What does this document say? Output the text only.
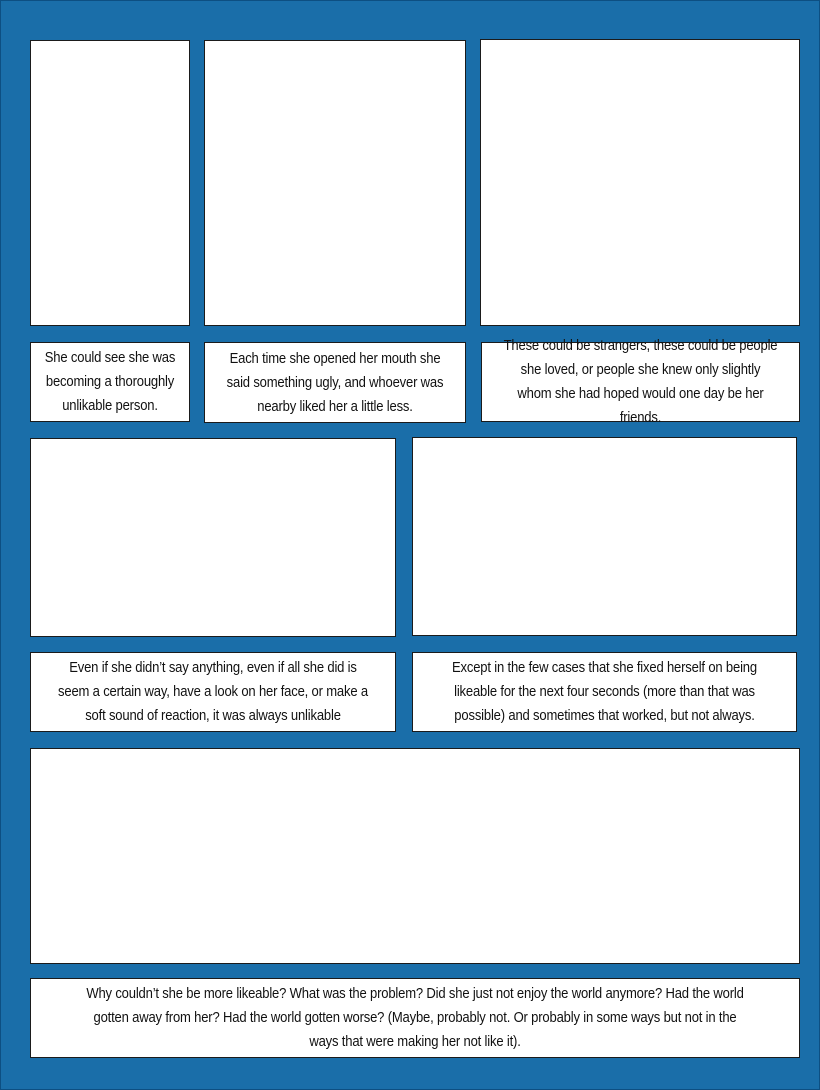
She could see she was becoming a thoroughly unlikable person.
Each time she opened her mouth she said something ugly, and whoever was nearby liked her a little less.
These could be strangers, these could be people she loved, or people she knew only slightly whom she had hoped would one day be her friends.
Even if she didn’t say anything, even if all she did is seem a certain way, have a look on her face, or make a soft sound of reaction, it was always unlikable
Except in the few cases that she fixed herself on being likeable for the next four seconds (more than that was possible) and sometimes that worked, but not always.
Why couldn’t she be more likeable? What was the problem? Did she just not enjoy the world anymore? Had the world gotten away from her? Had the world gotten worse? (Maybe, probably not. Or probably in some ways but not in the ways that were making her not like it).
